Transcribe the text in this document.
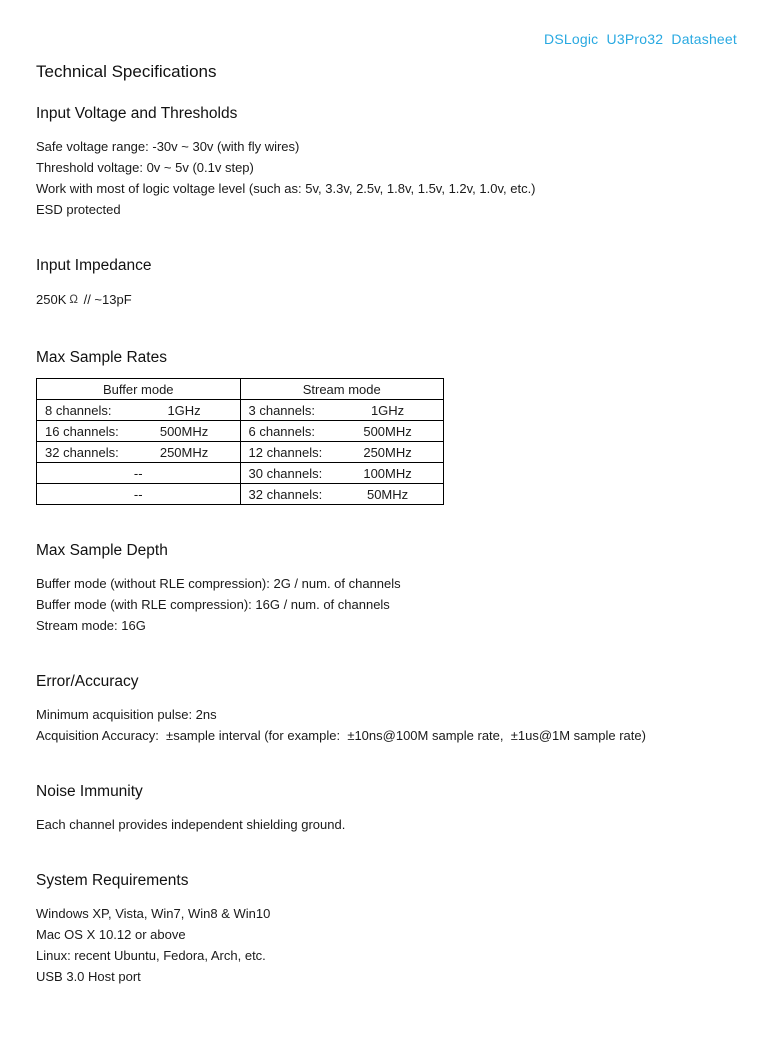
DSLogic  U3Pro32  Datasheet
Technical Specifications
Input Voltage and Thresholds
Safe voltage range: -30v ~ 30v (with fly wires)
Threshold voltage: 0v ~ 5v (0.1v step)
Work with most of logic voltage level (such as: 5v, 3.3v, 2.5v, 1.8v, 1.5v, 1.2v, 1.0v, etc.)
ESD protected
Input Impedance
250K Ω // ~13pF
Max Sample Rates
Buffer mode	Stream mode

8 channels: 1GHz	3 channels: 1GHz

16 channels: 500MHz	6 channels: 500MHz

32 channels: 250MHz	12 channels: 250MHz

--	30 channels: 100MHz

--	32 channels: 50MHz
Max Sample Depth
Buffer mode (without RLE compression): 2G / num. of channels
Buffer mode (with RLE compression): 16G / num. of channels
Stream mode: 16G
Error/Accuracy
Minimum acquisition pulse: 2ns
Acquisition Accuracy:  ±sample interval (for example:  ±10ns@100M sample rate,  ±1us@1M sample rate)
Noise Immunity
Each channel provides independent shielding ground.
System Requirements
Windows XP, Vista, Win7, Win8 & Win10
Mac OS X 10.12 or above
Linux: recent Ubuntu, Fedora, Arch, etc.
USB 3.0 Host port
